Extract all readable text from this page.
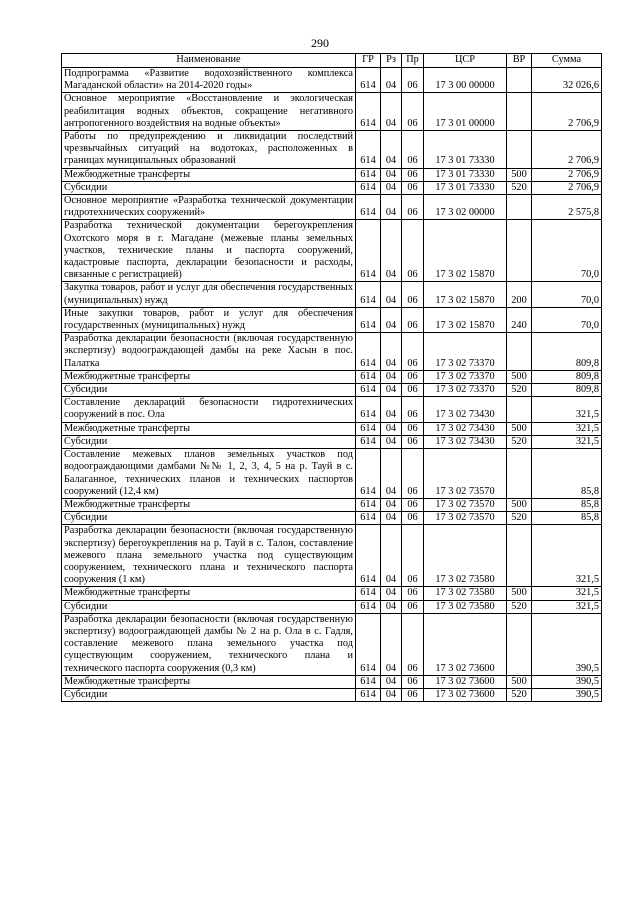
290
Наименование	ГР	Рз	Пр	ЦСР	ВР	Сумма
Подпрограмма «Развитие водохозяйственного комплекса Магаданской области» на 2014-2020 годы»	614	04	06	17 3 00 00000		32 026,6
Основное мероприятие «Восстановление и экологическая реабилитация водных объектов, сокращение негативного антропогенного воздействия на водные объекты»	614	04	06	17 3 01 00000		2 706,9
Работы по предупреждению и ликвидации последствий чрезвычайных ситуаций на водотоках, расположенных в границах муниципальных образований	614	04	06	17 3 01 73330		2 706,9
Межбюджетные трансферты	614	04	06	17 3 01 73330	500	2 706,9
Субсидии	614	04	06	17 3 01 73330	520	2 706,9
Основное мероприятие «Разработка технической документации гидротехнических сооружений»	614	04	06	17 3 02 00000		2 575,8
Разработка технической документации берегоукрепления Охотского моря в г. Магадане (межевые планы земельных участков, технические планы и паспорта сооружений, кадастровые паспорта, декларации безопасности и расходы, связанные с регистрацией)	614	04	06	17 3 02 15870		70,0
Закупка товаров, работ и услуг для обеспечения государственных (муниципальных) нужд	614	04	06	17 3 02 15870	200	70,0
Иные закупки товаров, работ и услуг для обеспечения государственных (муниципальных) нужд	614	04	06	17 3 02 15870	240	70,0
Разработка декларации безопасности (включая государственную экспертизу) водоограждающей дамбы на реке Хасын в пос. Палатка	614	04	06	17 3 02 73370		809,8
Межбюджетные трансферты	614	04	06	17 3 02 73370	500	809,8
Субсидии	614	04	06	17 3 02 73370	520	809,8
Составление деклараций безопасности гидротехнических сооружений в пос. Ола	614	04	06	17 3 02 73430		321,5
Межбюджетные трансферты	614	04	06	17 3 02 73430	500	321,5
Субсидии	614	04	06	17 3 02 73430	520	321,5
Составление межевых планов земельных участков под водоограждающими дамбами №№ 1, 2, 3, 4, 5 на р. Тауй в с. Балаганное, технических планов и технических паспортов сооружений (12,4 км)	614	04	06	17 3 02 73570		85,8
Межбюджетные трансферты	614	04	06	17 3 02 73570	500	85,8
Субсидии	614	04	06	17 3 02 73570	520	85,8
Разработка декларации безопасности (включая государственную экспертизу) берегоукрепления на р. Тауй в с. Талон, составление межевого плана земельного участка под существующим сооружением, технического плана и технического паспорта сооружения (1 км)	614	04	06	17 3 02 73580		321,5
Межбюджетные трансферты	614	04	06	17 3 02 73580	500	321,5
Субсидии	614	04	06	17 3 02 73580	520	321,5
Разработка декларации безопасности (включая государственную экспертизу) водоограждающей дамбы № 2 на р. Ола в с. Гадля, составление межевого плана земельного участка под существующим сооружением, технического плана и технического паспорта сооружения (0,3 км)	614	04	06	17 3 02 73600		390,5
Межбюджетные трансферты	614	04	06	17 3 02 73600	500	390,5
Субсидии	614	04	06	17 3 02 73600	520	390,5
